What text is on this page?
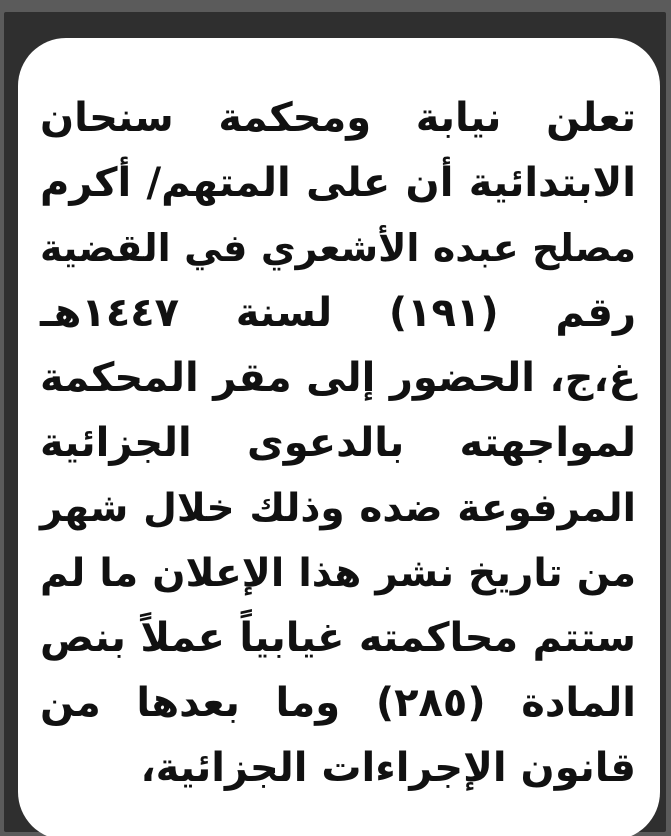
تعلن نيابة ومحكمة سنحان
الابتدائية أن على المتهم/ أكرم
مصلح عبده الأشعري في القضية
رقم (١٩١) لسنة ١٤٤٧هـ
غ،ج، الحضور إلى مقر المحكمة
لمواجهته بالدعوى الجزائية
المرفوعة ضده وذلك خلال شهر
من تاريخ نشر هذا الإعلان ما لم
ستتم محاكمته غيابياً عملاً بنص
المادة (٢٨٥) وما بعدها من
قانون الإجراءات الجزائية،
